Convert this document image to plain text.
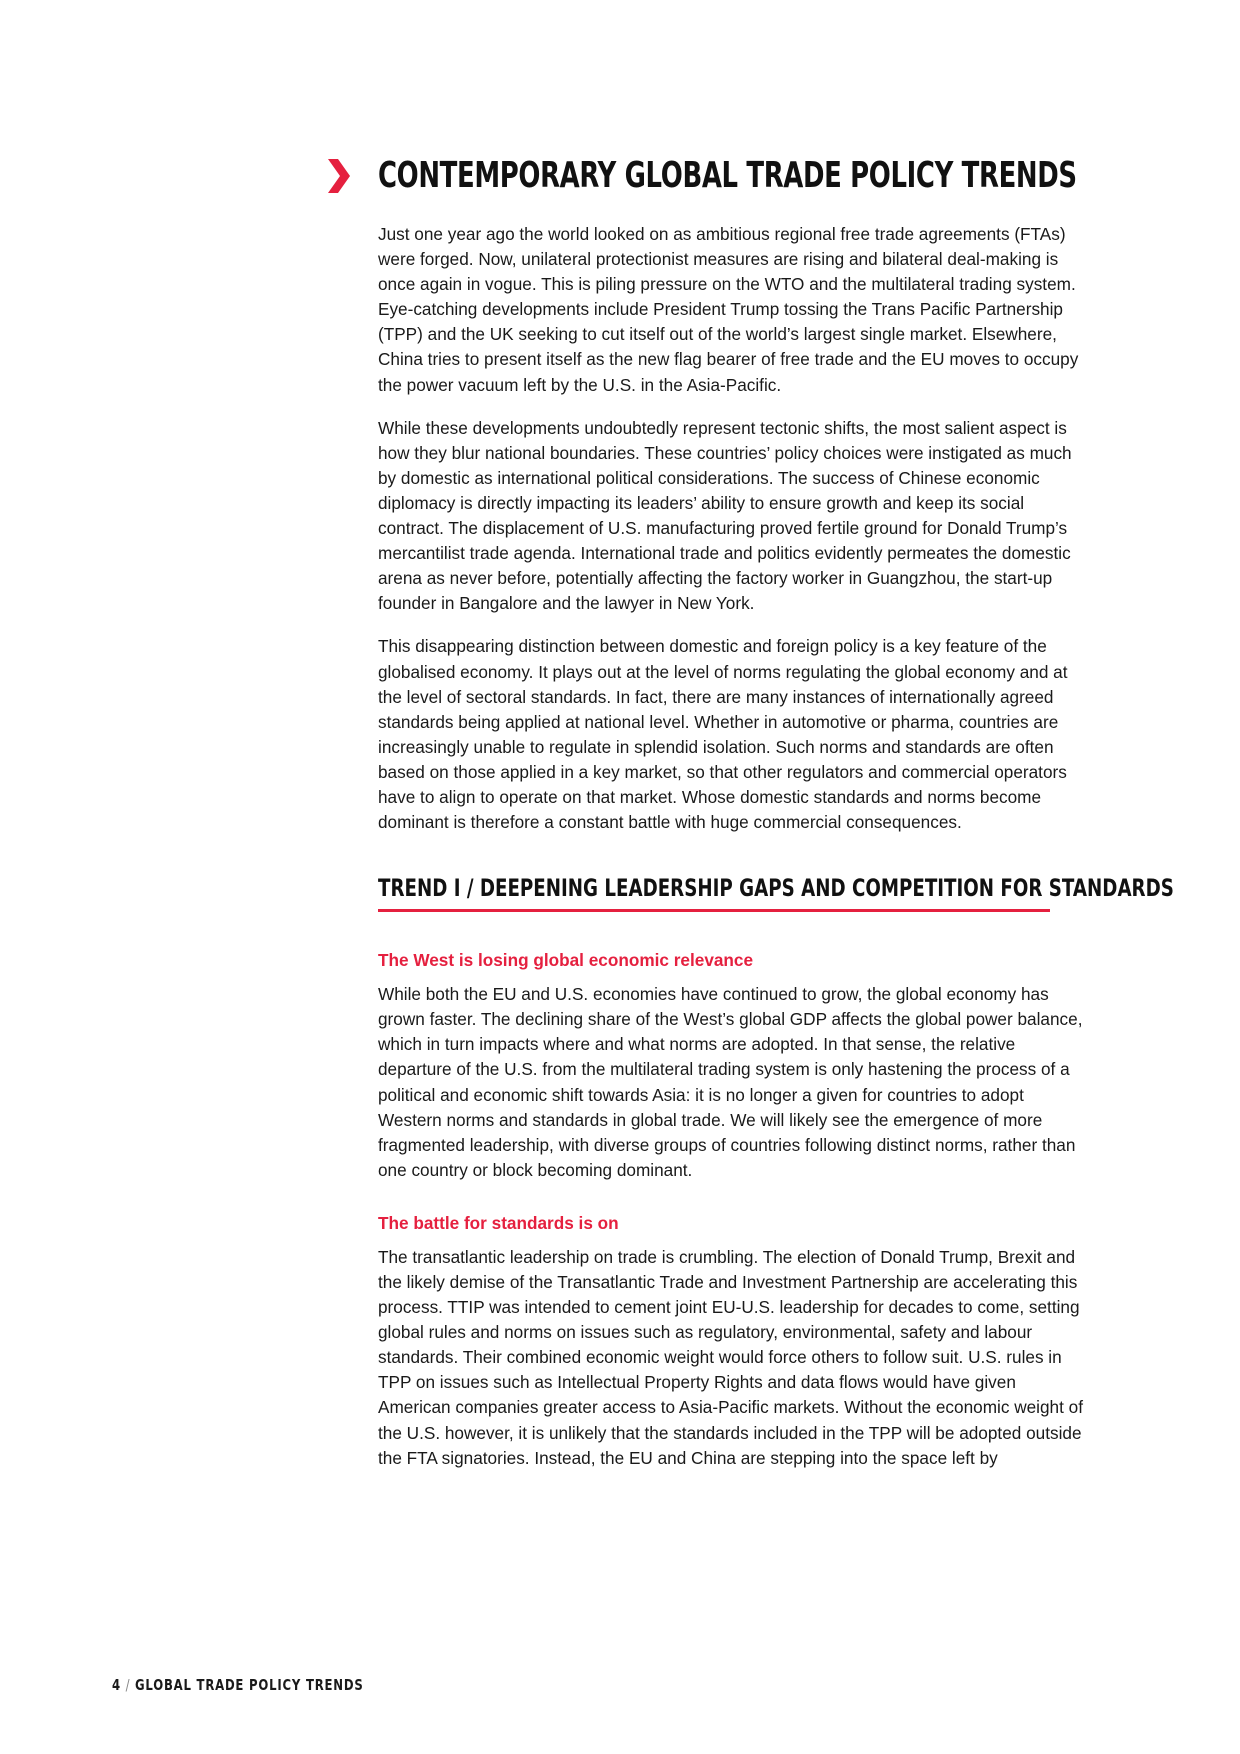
CONTEMPORARY GLOBAL TRADE POLICY TRENDS

Just one year ago the world looked on as ambitious regional free trade agreements (FTAs) were forged. Now, unilateral protectionist measures are rising and bilateral deal-making is once again in vogue. This is piling pressure on the WTO and the multilateral trading system. Eye-catching developments include President Trump tossing the Trans Pacific Partnership (TPP) and the UK seeking to cut itself out of the world’s largest single market. Elsewhere, China tries to present itself as the new flag bearer of free trade and the EU moves to occupy the power vacuum left by the U.S. in the Asia-Pacific.

While these developments undoubtedly represent tectonic shifts, the most salient aspect is how they blur national boundaries. These countries’ policy choices were instigated as much by domestic as international political considerations. The success of Chinese economic diplomacy is directly impacting its leaders’ ability to ensure growth and keep its social contract. The displacement of U.S. manufacturing proved fertile ground for Donald Trump’s mercantilist trade agenda. International trade and politics evidently permeates the domestic arena as never before, potentially affecting the factory worker in Guangzhou, the start-up founder in Bangalore and the lawyer in New York.

This disappearing distinction between domestic and foreign policy is a key feature of the globalised economy. It plays out at the level of norms regulating the global economy and at the level of sectoral standards. In fact, there are many instances of internationally agreed standards being applied at national level. Whether in automotive or pharma, countries are increasingly unable to regulate in splendid isolation. Such norms and standards are often based on those applied in a key market, so that other regulators and commercial operators have to align to operate on that market. Whose domestic standards and norms become dominant is therefore a constant battle with huge commercial consequences.

TREND I / DEEPENING LEADERSHIP GAPS AND COMPETITION FOR STANDARDS
The West is losing global economic relevance

While both the EU and U.S. economies have continued to grow, the global economy has grown faster. The declining share of the West’s global GDP affects the global power balance, which in turn impacts where and what norms are adopted. In that sense, the relative departure of the U.S. from the multilateral trading system is only hastening the process of a political and economic shift towards Asia: it is no longer a given for countries to adopt Western norms and standards in global trade. We will likely see the emergence of more fragmented leadership, with diverse groups of countries following distinct norms, rather than one country or block becoming dominant.

The battle for standards is on

The transatlantic leadership on trade is crumbling. The election of Donald Trump, Brexit and the likely demise of the Transatlantic Trade and Investment Partnership are accelerating this process. TTIP was intended to cement joint EU-U.S. leadership for decades to come, setting global rules and norms on issues such as regulatory, environmental, safety and labour standards. Their combined economic weight would force others to follow suit. U.S. rules in TPP on issues such as Intellectual Property Rights and data flows would have given American companies greater access to Asia-Pacific markets. Without the economic weight of the U.S. however, it is unlikely that the standards included in the TPP will be adopted outside the FTA signatories. Instead, the EU and China are stepping into the space left by

4 / GLOBAL TRADE POLICY TRENDS
